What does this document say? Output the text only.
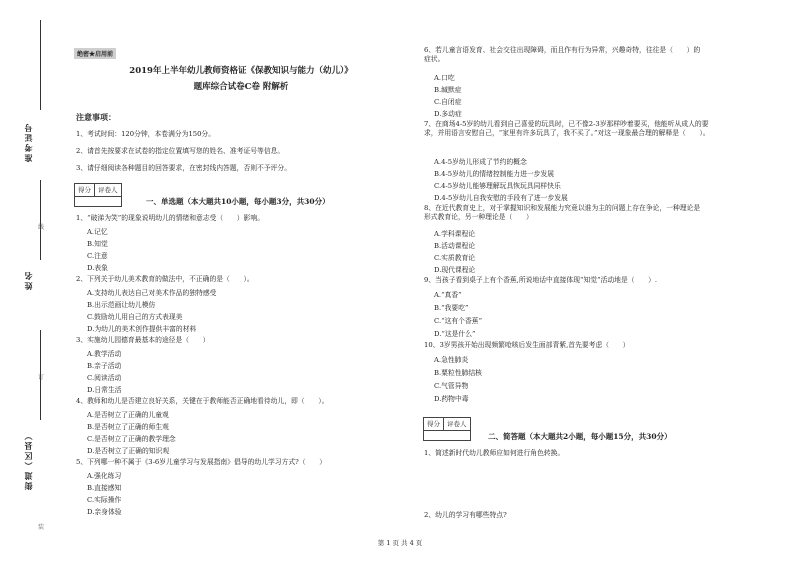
准考证号
姓名
街道（区县）
线
订
装
绝密★启用前
2019年上半年幼儿教师资格证《保教知识与能力（幼儿）》
题库综合试卷C卷 附解析
注意事项：
1、考试时间：120分钟，本卷满分为150分。
2、请首先按要求在试卷的指定位置填写您的姓名、准考证号等信息。
3、请仔细阅读各种题目的回答要求，在密封线内答题，否则不予评分。
得分	评卷人
一、单选题（本大题共10小题，每小题3分，共30分）
1、“破涕为笑”的现象说明幼儿的情绪和意志受（　　）影响。
A.记忆
B.知觉
C.注意
D.表象
2、下列关于幼儿美术教育的做法中，不正确的是（　　）。
A.支持幼儿表达自己对美术作品的独特感受
B.出示范画让幼儿模仿
C.鼓励幼儿用自己的方式表现美
D.为幼儿的美术创作提供丰富的材料
3、实施幼儿园德育最基本的途径是（　　）
A.教学活动
B.亲子活动
C.阅读活动
D.日常生活
4、教师和幼儿是否建立良好关系，关键在于教师能否正确地看待幼儿，即（　　）。
A.是否树立了正确的儿童观
B.是否树立了正确的师生观
C.是否树立了正确的教学理念
D.是否树立了正确的知识观
5、下列哪一种不属于《3-6岁儿童学习与发展指南》倡导的幼儿学习方式?（　　）
A.强化练习
B.直接感知
C.实际操作
D.亲身体验
6、若儿童言语发育、社会交往出现障碍，而且作有行为异常，兴趣奇特，往往是（　　）的
症状。
A.口吃
B.缄默症
C.自闭症
D.多动症
7、在商场4-5岁的幼儿看到自己喜爱的玩具时，已不像2-3岁那样吵着要买，他能听从成人的要
求，并用语言安慰自己，“家里有许多玩具了，我不买了。”对这一现象最合理的解释是（　　）。
A.4-5岁幼儿形成了节约的概念
B.4-5岁幼儿的情绪控制能力进一步发展
C.4-5岁幼儿能够理解玩具恢玩具同样快乐
D.4-5岁幼儿自我安慰的手段有了进一步发展
8、在近代教育史上，对于掌握知识和发展能力究竟以谁为主的问题上存在争论，一种理论是
形式教育论，另一种理论是（　　）
A.学科课程论
B.活动课程论
C.实质教育论
D.现代课程论
9、当孩子看到桌子上有个香蕉,所说地话中直接体现“知觉”活动地是（　　）.
A.“真香”
B.“我要吃”
C.“这有个香蕉”
D.“这是什么”
10、3岁男孩开始出现频繁呛咳后发生面部青紫,首先要考虑（　　）
A.急性肺炎
B.粟粒性肺结核
C.气管异物
D.药物中毒
得分	评卷人
二、简答题（本大题共2小题，每小题15分，共30分）
1、简述新时代幼儿教师应如何进行角色转换。
2、幼儿的学习有哪些特点?
第 1 页 共 4 页
